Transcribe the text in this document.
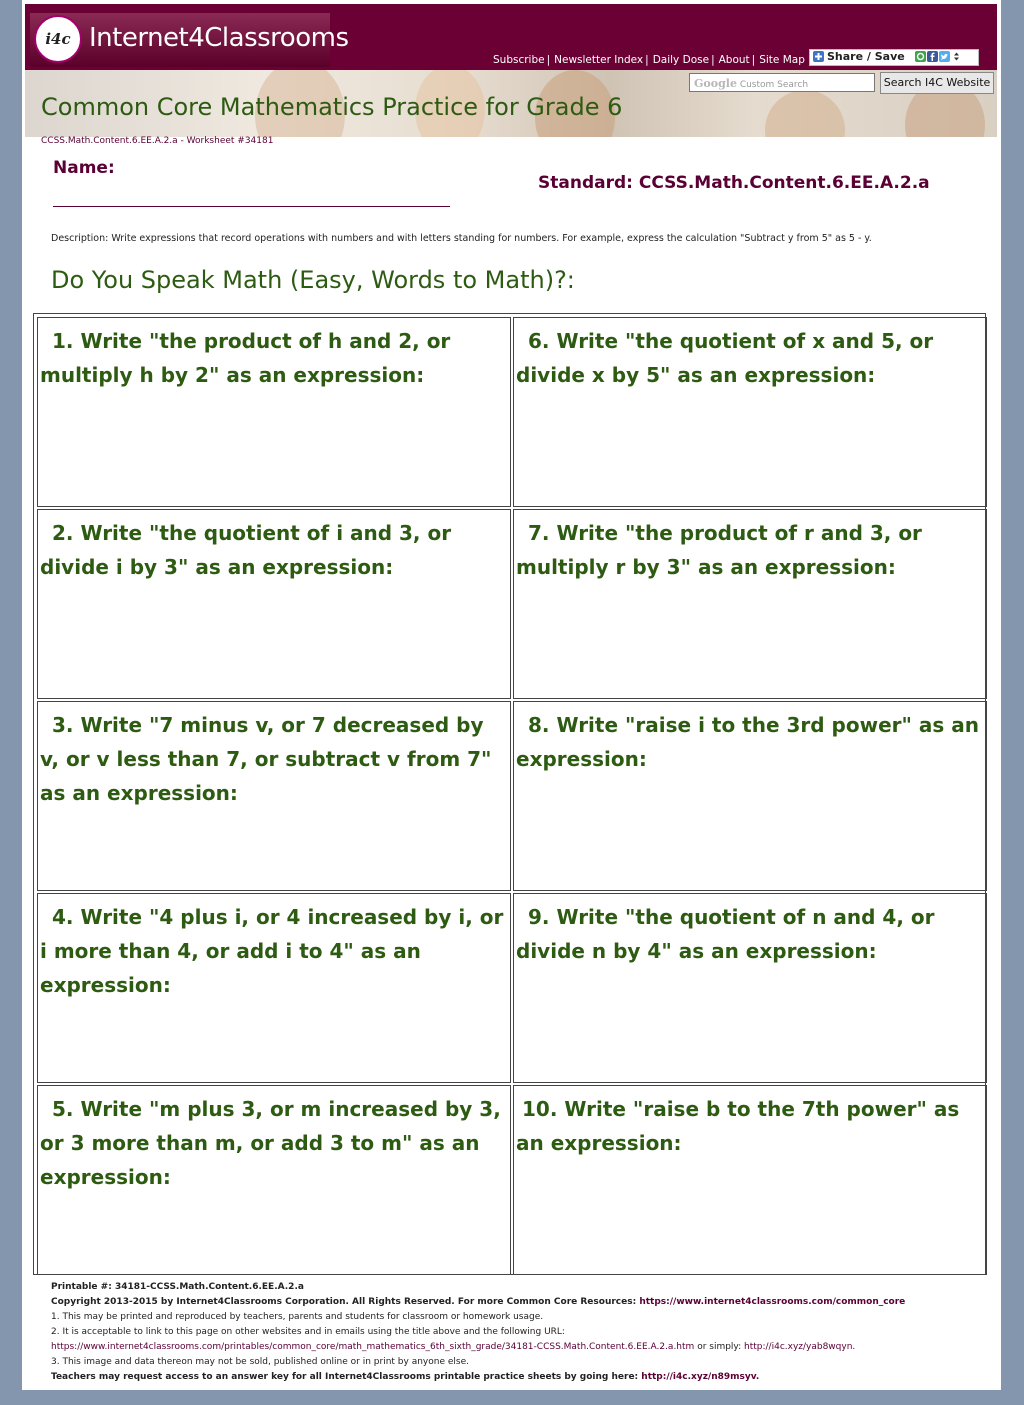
i4c Internet4Classrooms
Subscribe | Newsletter Index | Daily Dose | About | Site Map	Share / Save
Google Custom Search	Search I4C Website
Common Core Mathematics Practice for Grade 6
CCSS.Math.Content.6.EE.A.2.a - Worksheet #34181
Name:
Standard: CCSS.Math.Content.6.EE.A.2.a
Description: Write expressions that record operations with numbers and with letters standing for numbers. For example, express the calculation "Subtract y from 5" as 5 - y.
Do You Speak Math (Easy, Words to Math)?:
1. Write "the product of h and 2, or multiply h by 2" as an expression:
2. Write "the quotient of i and 3, or divide i by 3" as an expression:
3. Write "7 minus v, or 7 decreased by v, or v less than 7, or subtract v from 7" as an expression:
4. Write "4 plus i, or 4 increased by i, or i more than 4, or add i to 4" as an expression:
5. Write "m plus 3, or m increased by 3, or 3 more than m, or add 3 to m" as an expression:
6. Write "the quotient of x and 5, or divide x by 5" as an expression:
7. Write "the product of r and 3, or multiply r by 3" as an expression:
8. Write "raise i to the 3rd power" as an expression:
9. Write "the quotient of n and 4, or divide n by 4" as an expression:
10. Write "raise b to the 7th power" as an expression:
Printable #: 34181-CCSS.Math.Content.6.EE.A.2.a
Copyright 2013-2015 by Internet4Classrooms Corporation. All Rights Reserved. For more Common Core Resources: https://www.internet4classrooms.com/common_core
1. This may be printed and reproduced by teachers, parents and students for classroom or homework usage.
2. It is acceptable to link to this page on other websites and in emails using the title above and the following URL:
https://www.internet4classrooms.com/printables/common_core/math_mathematics_6th_sixth_grade/34181-CCSS.Math.Content.6.EE.A.2.a.htm or simply: http://i4c.xyz/yab8wqyn.
3. This image and data thereon may not be sold, published online or in print by anyone else.
Teachers may request access to an answer key for all Internet4Classrooms printable practice sheets by going here: http://i4c.xyz/n89msyv.
